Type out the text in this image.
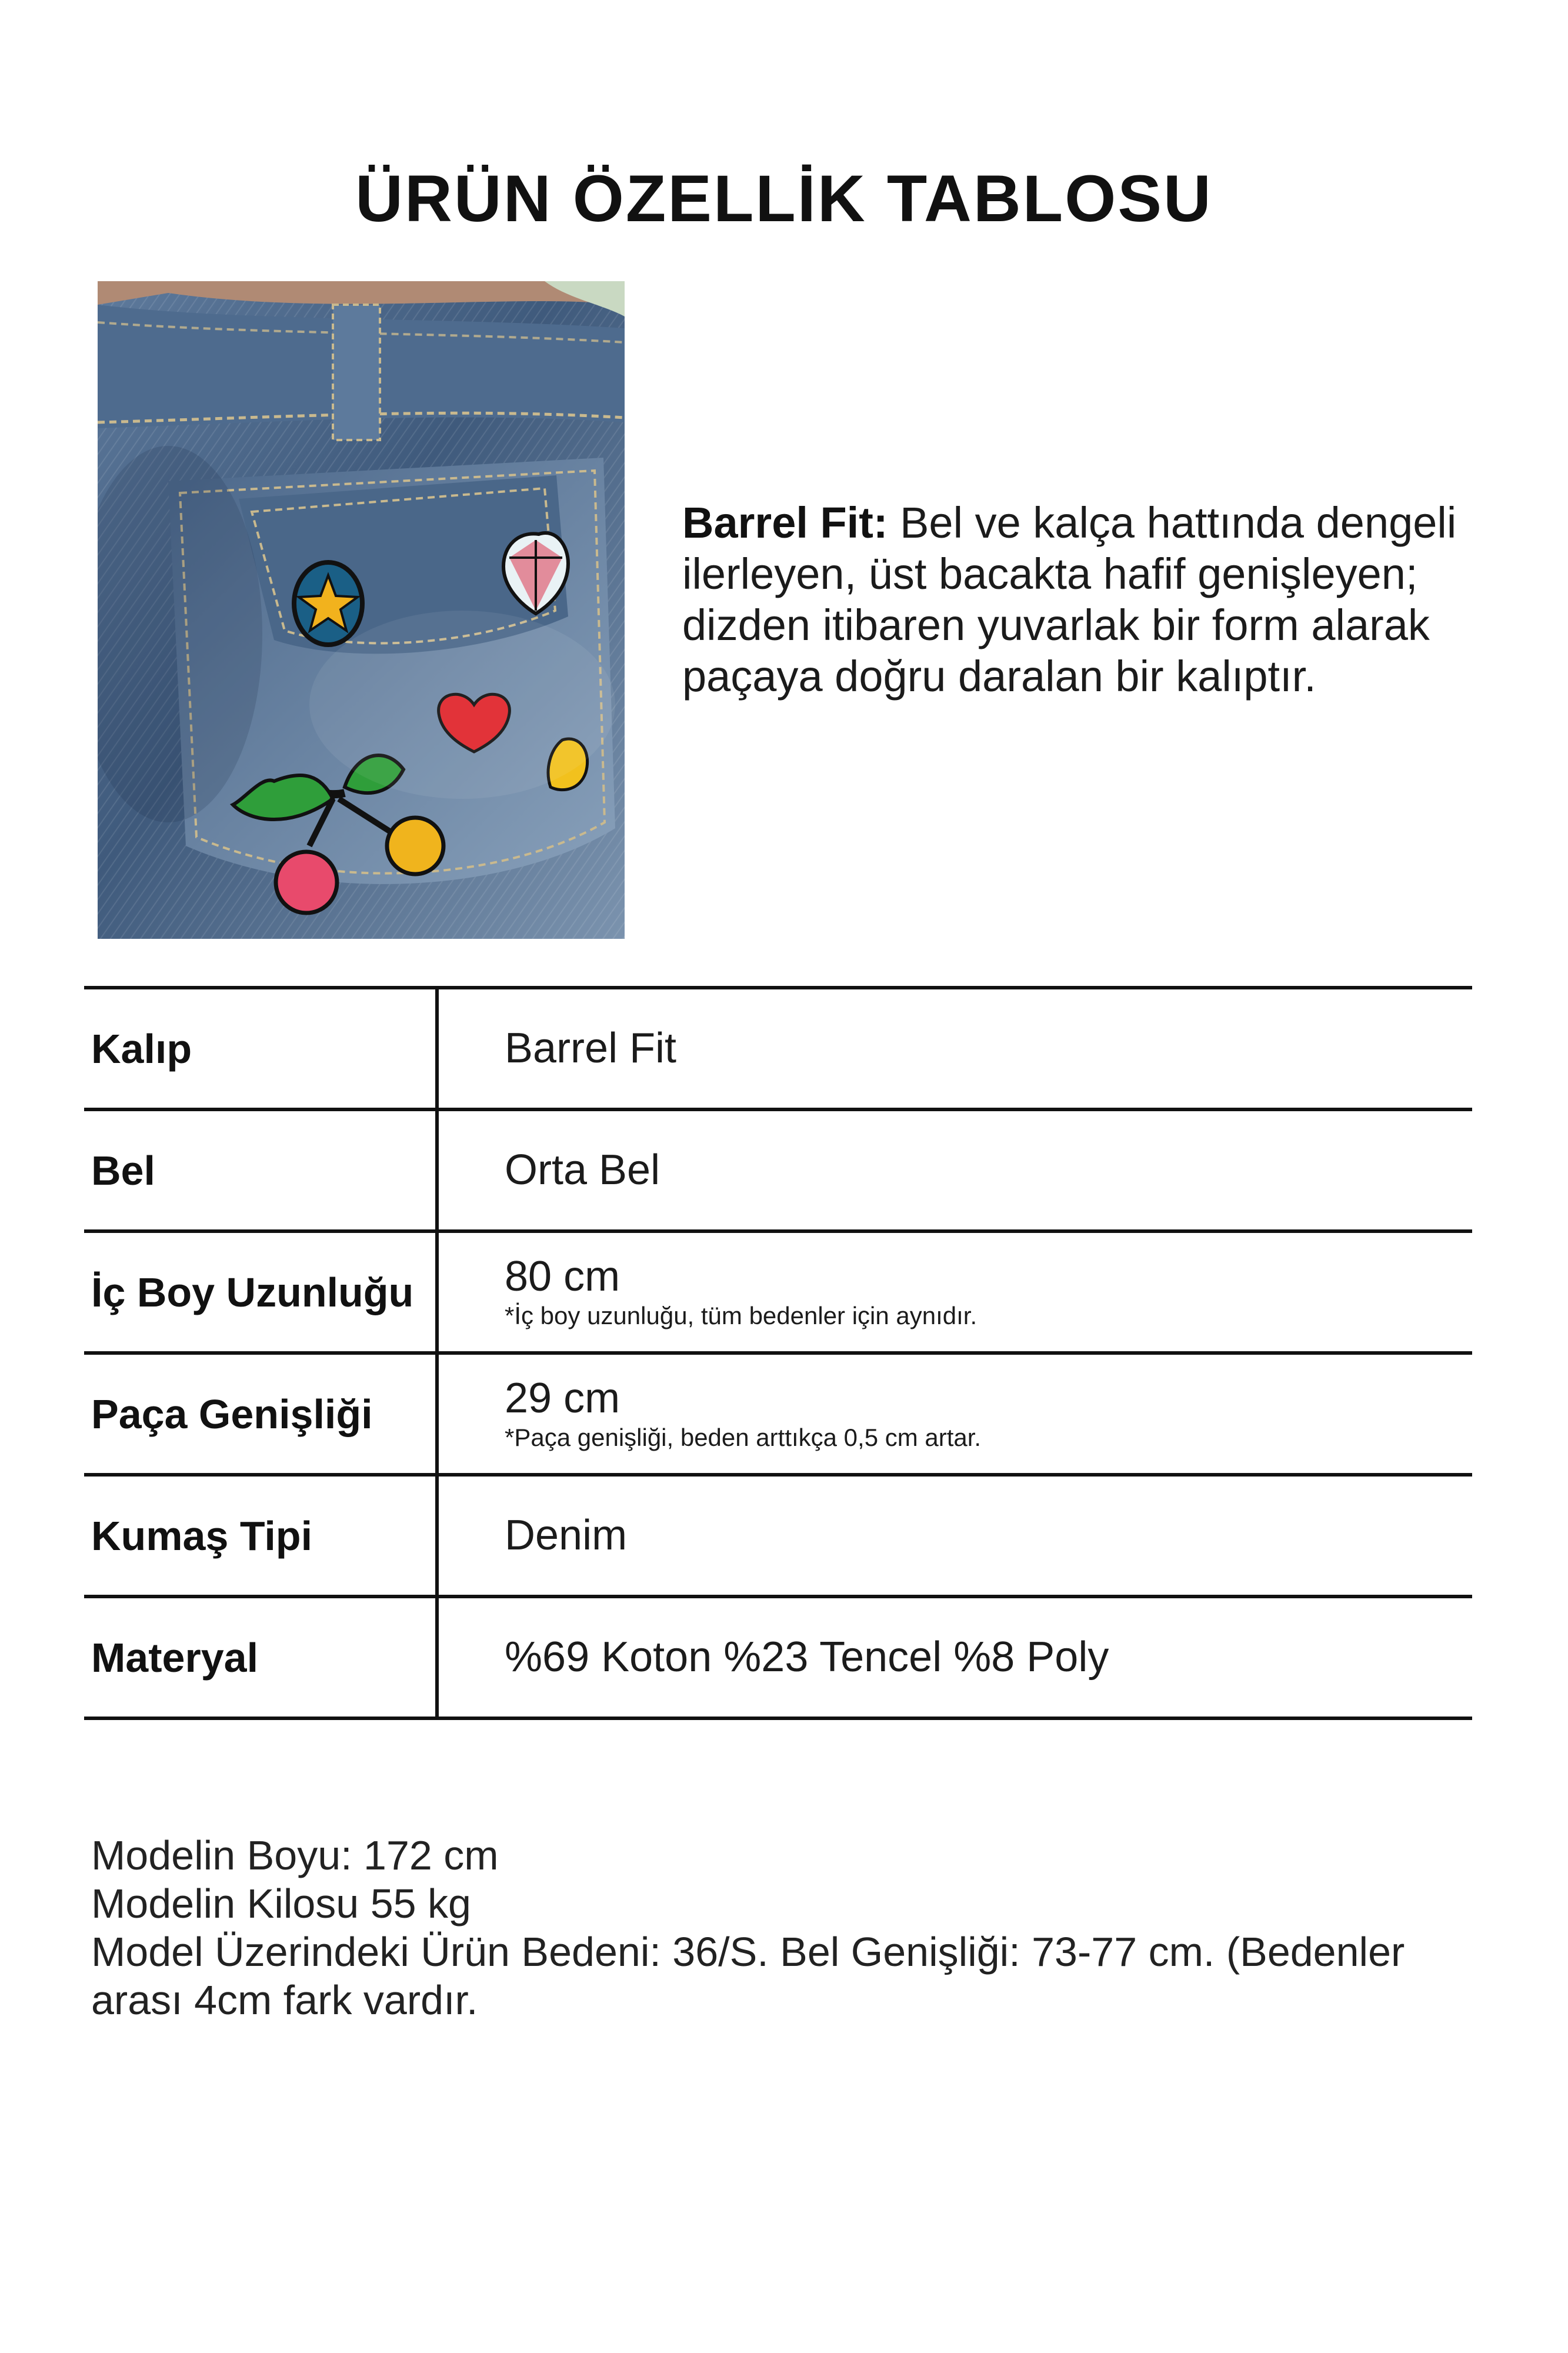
ÜRÜN ÖZELLİK TABLOSU
Barrel Fit: Bel ve kalça hattında dengeli ilerleyen, üst bacakta hafif genişleyen; dizden itibaren yuvarlak bir form alarak paçaya doğru daralan bir kalıptır.
Kalıp	Barrel Fit
Bel	Orta Bel
İç Boy Uzunluğu 80 cm
*İç boy uzunluğu, tüm bedenler için aynıdır.
Paça Genişliği	29 cm
*Paça genişliği, beden arttıkça 0,5 cm artar.
Kumaş Tipi	Denim
Materyal	%69 Koton %23 Tencel %8 Poly
Modelin Boyu: 172 cm
Modelin Kilosu 55 kg
Model Üzerindeki Ürün Bedeni: 36/S. Bel Genişliği: 73-77 cm. (Bedenler arası 4cm fark vardır.
